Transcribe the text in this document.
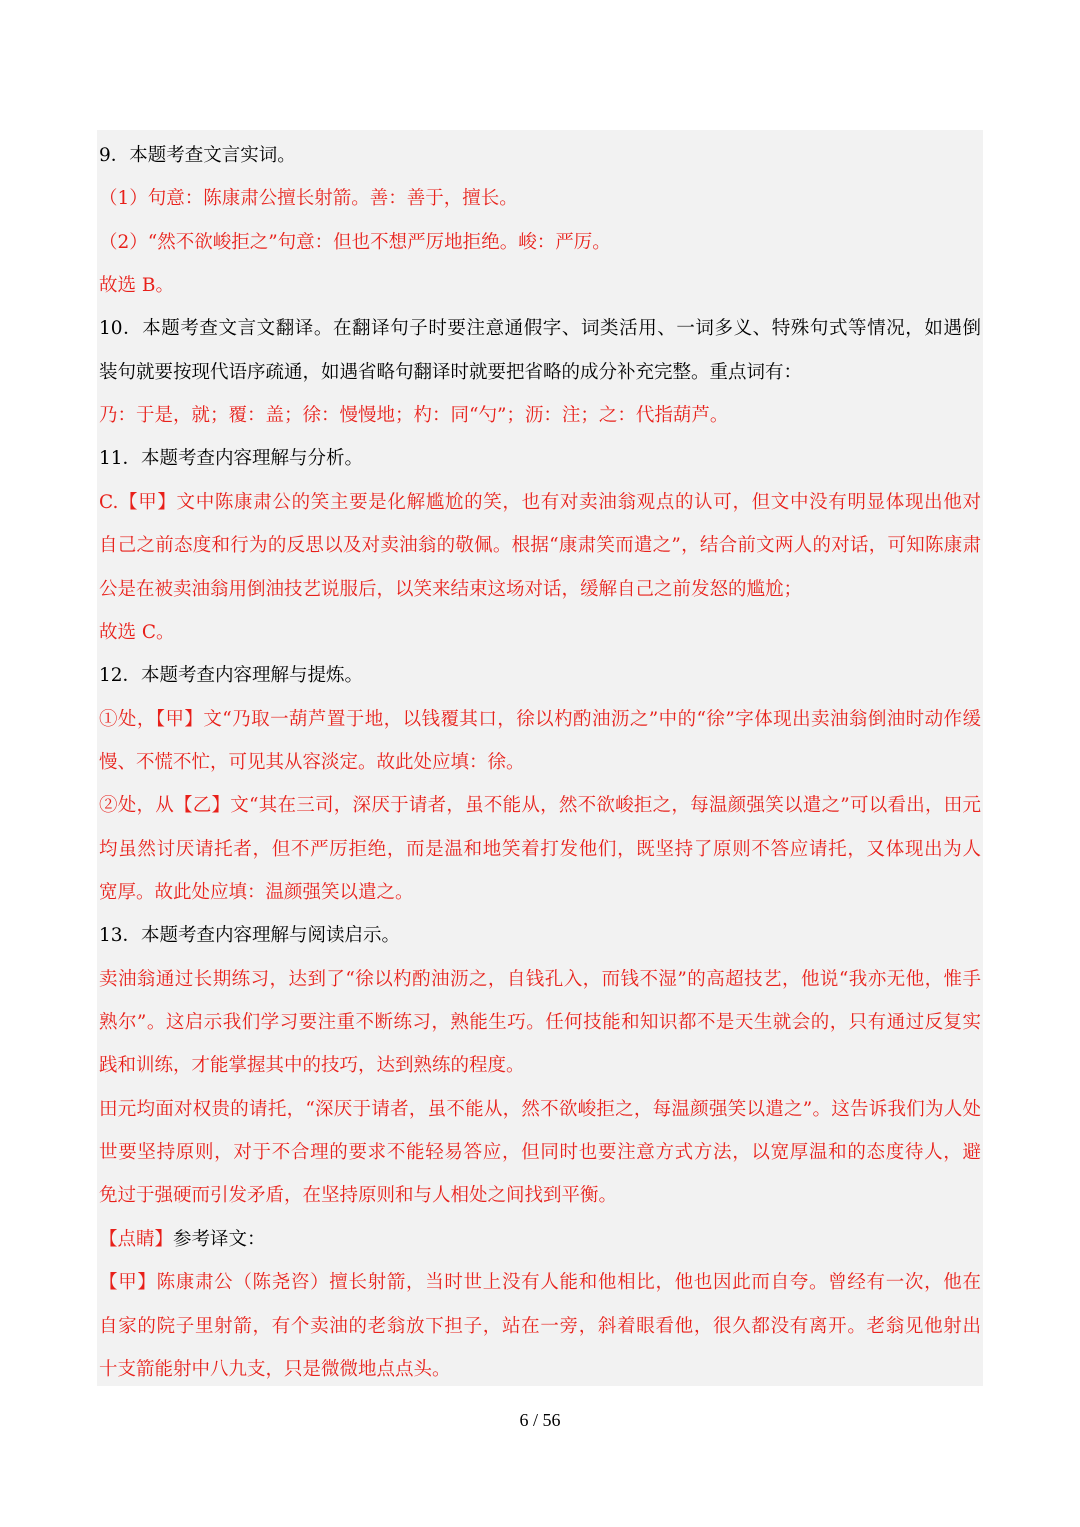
9．本题考查文言实词。
（1）句意：陈康肃公擅长射箭。善：善于，擅长。
（2）“然不欲峻拒之”句意：但也不想严厉地拒绝。峻：严厉。
故选 B。
10．本题考查文言文翻译。在翻译句子时要注意通假字、词类活用、一词多义、特殊句式等情况，如遇倒
装句就要按现代语序疏通，如遇省略句翻译时就要把省略的成分补充完整。重点词有：
乃：于是，就；覆：盖；徐：慢慢地；杓：同“勺”；沥：注；之：代指葫芦。
11．本题考查内容理解与分析。
C.【甲】文中陈康肃公的笑主要是化解尴尬的笑，也有对卖油翁观点的认可，但文中没有明显体现出他对
自己之前态度和行为的反思以及对卖油翁的敬佩。根据“康肃笑而遣之”，结合前文两人的对话，可知陈康肃
公是在被卖油翁用倒油技艺说服后，以笑来结束这场对话，缓解自己之前发怒的尴尬；
故选 C。
12．本题考查内容理解与提炼。
①处，【甲】文“乃取一葫芦置于地，以钱覆其口，徐以杓酌油沥之”中的“徐”字体现出卖油翁倒油时动作缓
慢、不慌不忙，可见其从容淡定。故此处应填：徐。
②处，从【乙】文“其在三司，深厌于请者，虽不能从，然不欲峻拒之，每温颜强笑以遣之”可以看出，田元
均虽然讨厌请托者，但不严厉拒绝，而是温和地笑着打发他们，既坚持了原则不答应请托，又体现出为人
宽厚。故此处应填：温颜强笑以遣之。
13．本题考查内容理解与阅读启示。
卖油翁通过长期练习，达到了“徐以杓酌油沥之，自钱孔入，而钱不湿”的高超技艺，他说“我亦无他，惟手
熟尔”。这启示我们学习要注重不断练习，熟能生巧。任何技能和知识都不是天生就会的，只有通过反复实
践和训练，才能掌握其中的技巧，达到熟练的程度。
田元均面对权贵的请托，“深厌于请者，虽不能从，然不欲峻拒之，每温颜强笑以遣之”。这告诉我们为人处
世要坚持原则，对于不合理的要求不能轻易答应，但同时也要注意方式方法，以宽厚温和的态度待人，避
免过于强硬而引发矛盾，在坚持原则和与人相处之间找到平衡。
【点睛】参考译文：
【甲】陈康肃公（陈尧咨）擅长射箭，当时世上没有人能和他相比，他也因此而自夸。曾经有一次，他在
自家的院子里射箭，有个卖油的老翁放下担子，站在一旁，斜着眼看他，很久都没有离开。老翁见他射出
十支箭能射中八九支，只是微微地点点头。
6 / 56
